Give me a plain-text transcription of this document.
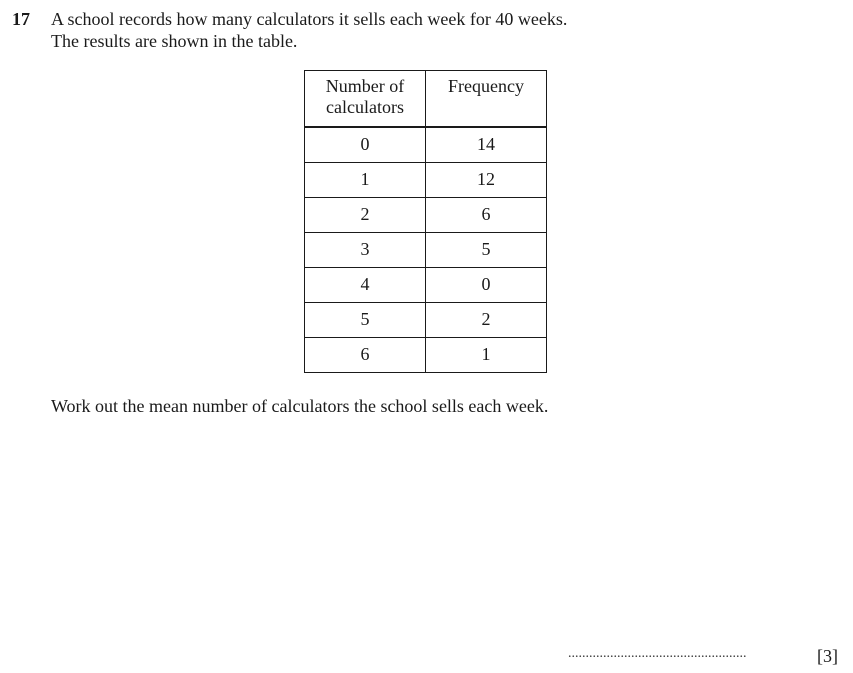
17 A school records how many calculators it sells each week for 40 weeks.
The results are shown in the table.
Number of
calculators	Frequency
0	14
1	12
2	6
3	5
4	0
5	2
6	1
Work out the mean number of calculators the school sells each week.
...................................................	[3]
